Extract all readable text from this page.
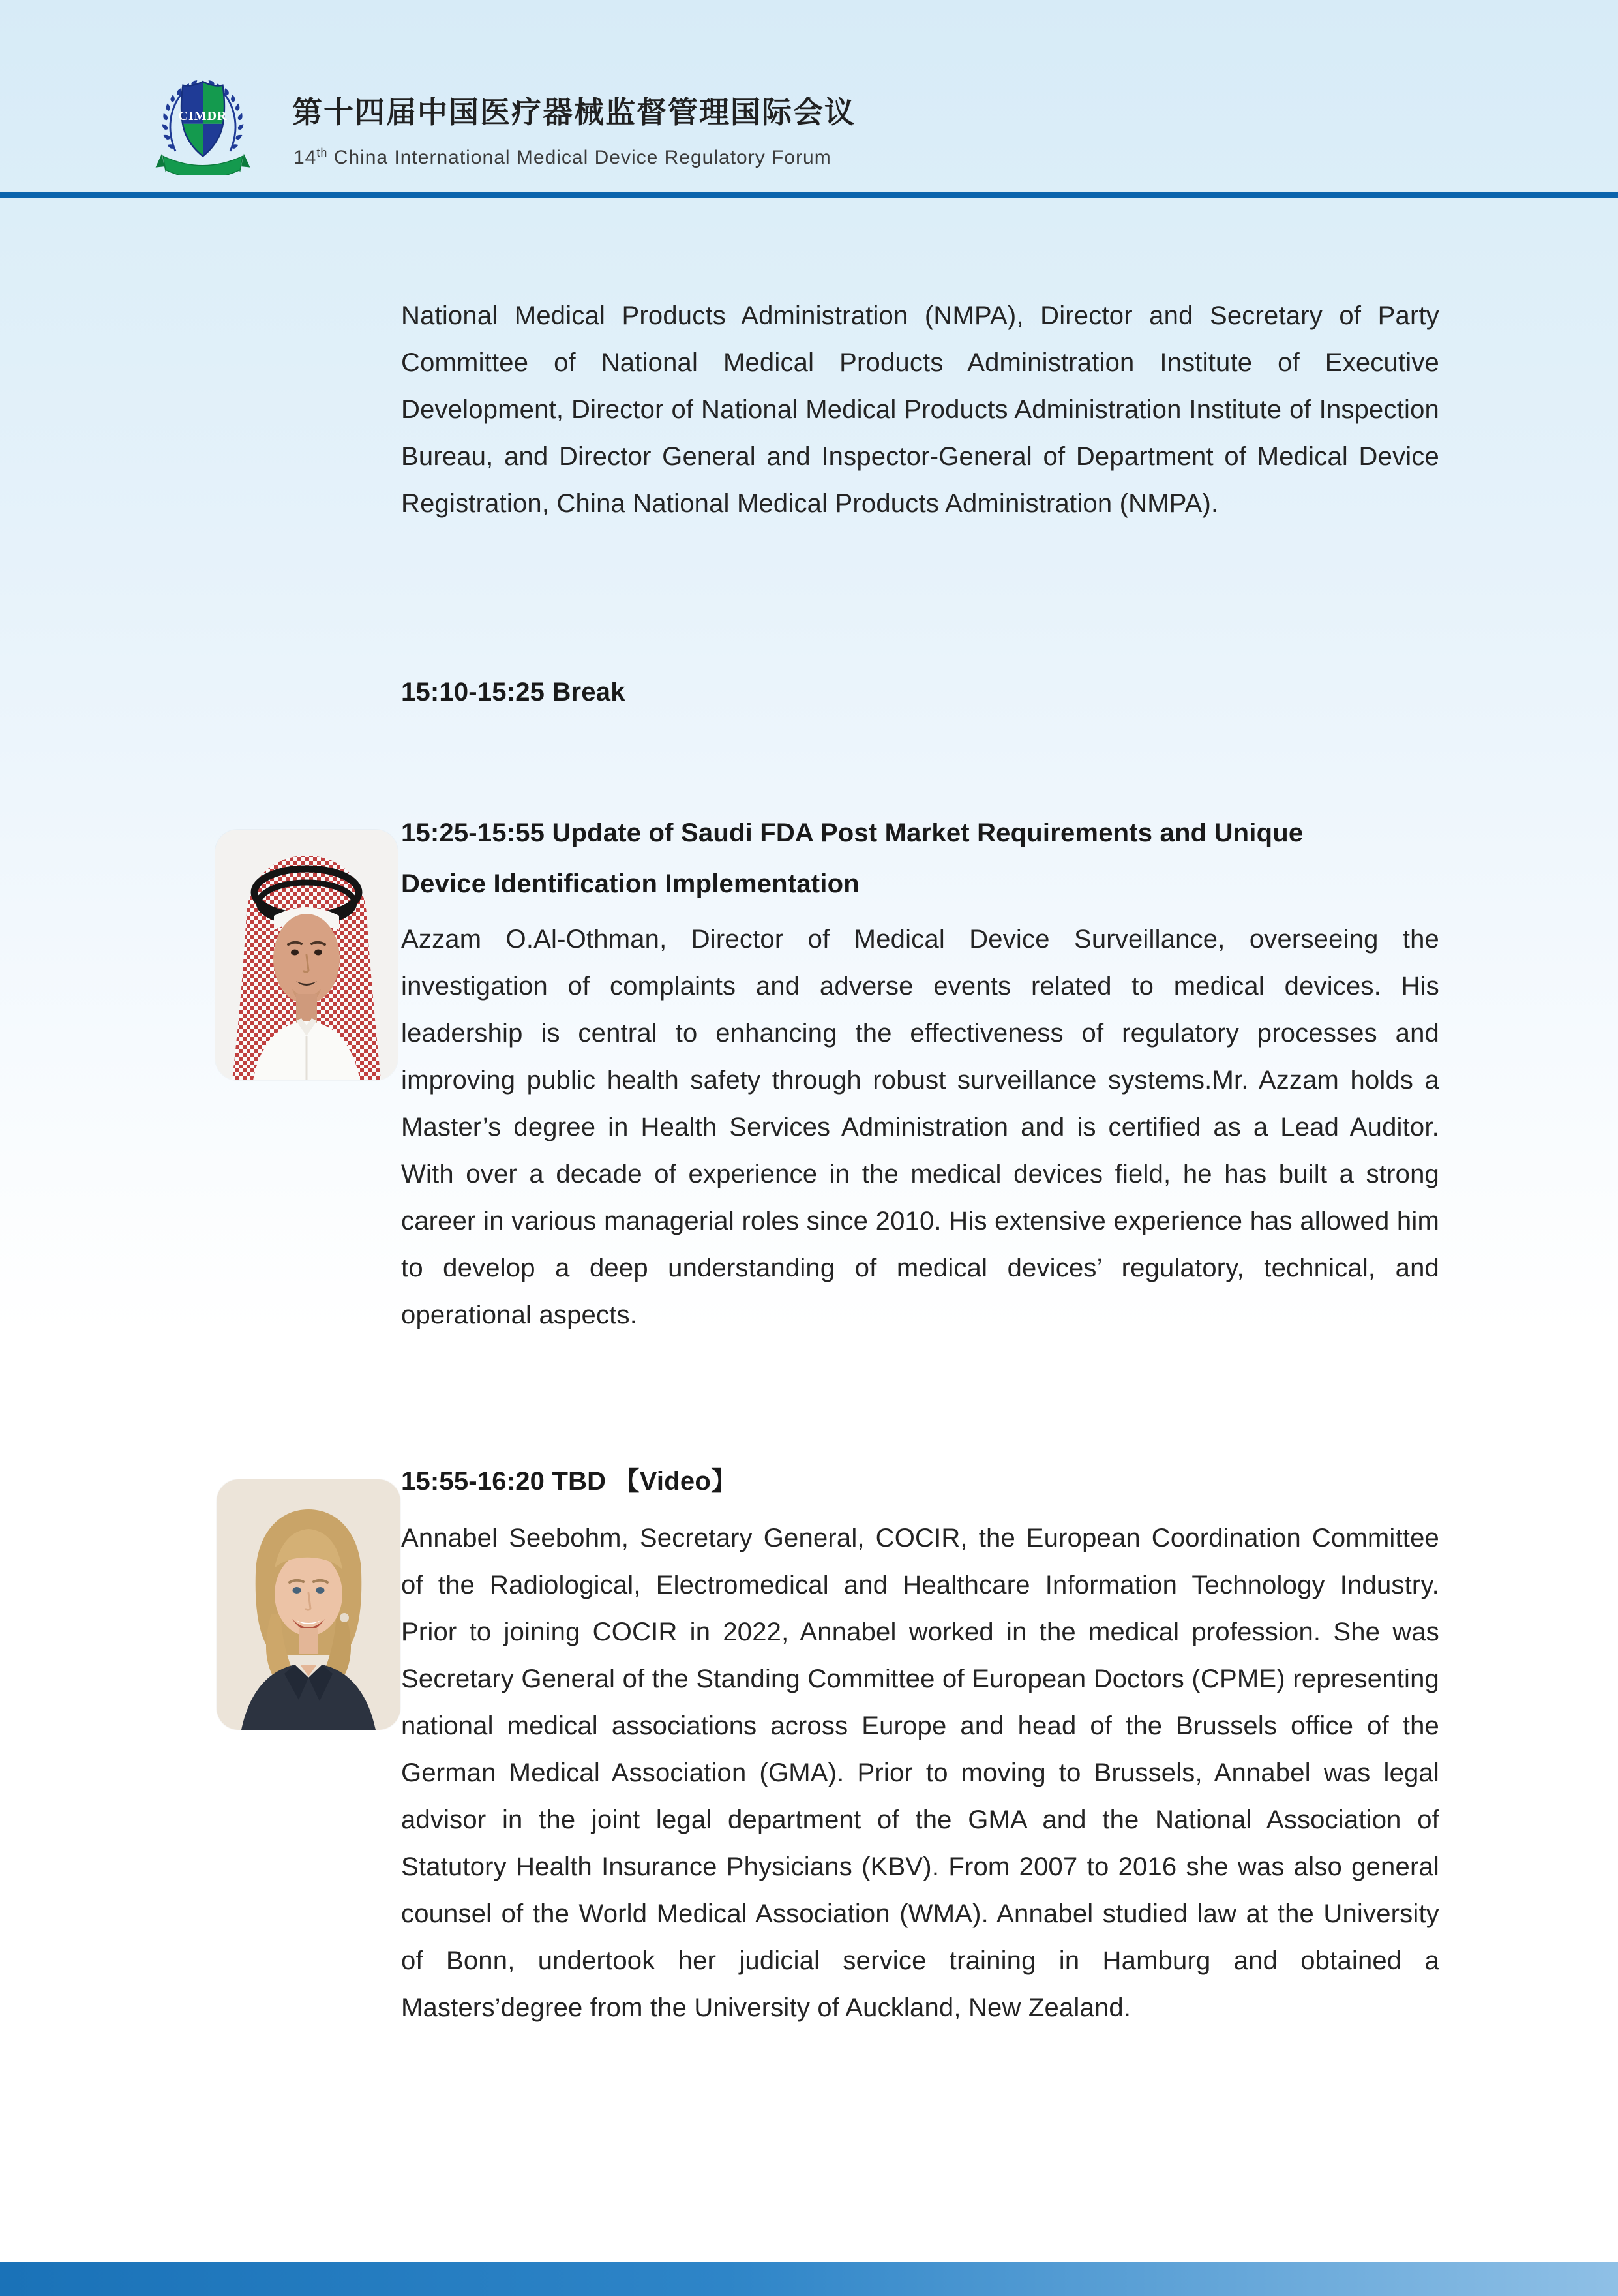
CIMDR 第十四届中国医疗器械监督管理国际会议
14th China International Medical Device Regulatory Forum

National Medical Products Administration (NMPA), Director and Secretary of Party Committee of National Medical Products Administration Institute of Executive Development, Director of National Medical Products Administration Institute of Inspection Bureau, and Director General and Inspector-General of Department of Medical Device Registration, China National Medical Products Administration (NMPA).

15:10-15:25 Break
15:25-15:55 Update of Saudi FDA Post Market Requirements and Unique Device Identification Implementation

Azzam O.Al-Othman, Director of Medical Device Surveillance, overseeing the investigation of complaints and adverse events related to medical devices. His leadership is central to enhancing the effectiveness of regulatory processes and improving public health safety through robust surveillance systems.Mr. Azzam holds a Master’s degree in Health Services Administration and is certified as a Lead Auditor. With over a decade of experience in the medical devices field, he has built a strong career in various managerial roles since 2010. His extensive experience has allowed him to develop a deep understanding of medical devices’ regulatory, technical, and operational aspects.

15:55-16:20 TBD 【Video】

Annabel Seebohm, Secretary General, COCIR, the European Coordination Committee of the Radiological, Electromedical and Healthcare Information Technology Industry. Prior to joining COCIR in 2022, Annabel worked in the medical profession. She was Secretary General of the Standing Committee of European Doctors (CPME) representing national medical associations across Europe and head of the Brussels office of the German Medical Association (GMA). Prior to moving to Brussels, Annabel was legal advisor in the joint legal department of the GMA and the National Association of Statutory Health Insurance Physicians (KBV). From 2007 to 2016 she was also general counsel of the World Medical Association (WMA). Annabel studied law at the University of Bonn, undertook her judicial service training in Hamburg and obtained a Masters’degree from the University of Auckland, New Zealand.
